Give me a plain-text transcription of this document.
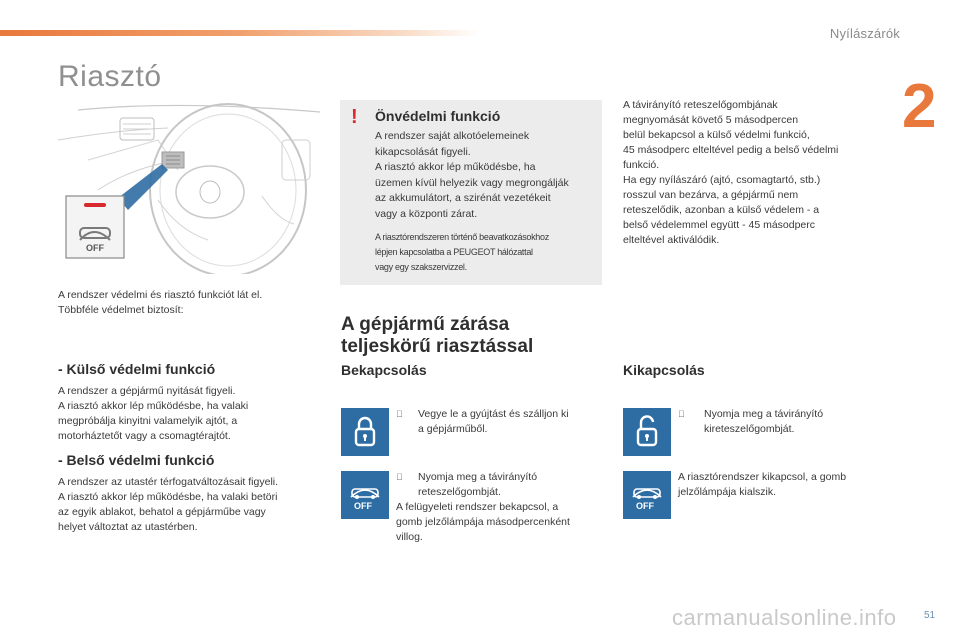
Nyílászárók
2
Riasztó
OFF
A rendszer védelmi és riasztó funkciót lát el.
Többféle védelmet biztosít:
- Külső védelmi funkció
A rendszer a gépjármű nyitását figyeli.
A riasztó akkor lép működésbe, ha valaki
megpróbálja kinyitni valamelyik ajtót, a
motorháztetőt vagy a csomagtérajtót.
- Belső védelmi funkció
A rendszer az utastér térfogatváltozásait figyeli.
A riasztó akkor lép működésbe, ha valaki betöri
az egyik ablakot, behatol a gépjárműbe vagy
helyet változtat az utastérben.
! Önvédelmi funkció
A rendszer saját alkotóelemeinek
kikapcsolását figyeli.
A riasztó akkor lép működésbe, ha
üzemen kívül helyezik vagy megrongálják
az akkumulátort, a szirénát vezetékeit
vagy a központi zárat.
A riasztórendszeren történő beavatkozásokhoz
lépjen kapcsolatba a PEUGEOT hálózattal
vagy egy szakszervizzel.
A távirányító reteszelőgombjának
megnyomását követő 5 másodpercen
belül bekapcsol a külső védelmi funkció,
45 másodperc elteltével pedig a belső védelmi
funkció.
Ha egy nyílászáró (ajtó, csomagtartó, stb.)
rosszul van bezárva, a gépjármű nem
reteszelődik, azonban a külső védelem - a
belső védelemmel együtt - 45 másodperc
elteltével aktiválódik.
A gépjármű zárása
teljeskörű riasztással
Bekapcsolás
Vegye le a gyújtást és szálljon ki
a gépjárműből.
OFF
Nyomja meg a távirányító
reteszelőgombját.
A felügyeleti rendszer bekapcsol, a
gomb jelzőlámpája másodpercenként
villog.
Kikapcsolás
Nyomja meg a távirányító
kireteszelőgombját.
OFF
A riasztórendszer kikapcsol, a gomb
jelzőlámpája kialszik.
carmanualsonline.info	51
